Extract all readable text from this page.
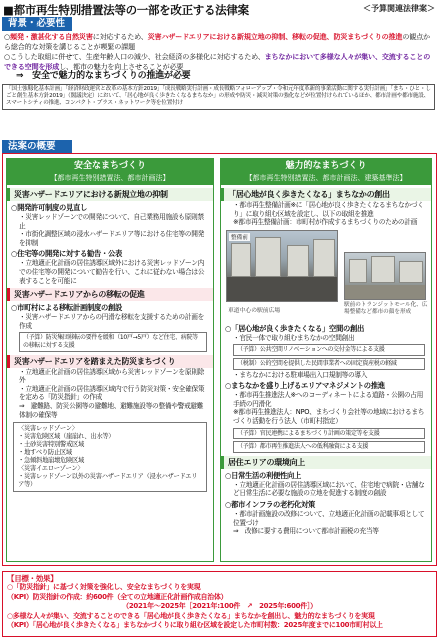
■都市再生特別措置法等の一部を改正する法律案	＜予算関連法律案＞
背景・必要性

○頻発・激甚化する自然災害に対応するため、災害ハザードエリアにおける新規立地の抑制、移転の促進、防災まちづくりの推進の観点から総合的な対策を講じることが喫緊の課題

○こうした取組に併せて、生産年齢人口の減少、社会経済の多様化に対応するため、まちなかにおいて多様な人々が集い、交流することのできる空間を形成し、都市の魅力を向上させることが必要

⇒　安全で魅力的なまちづくりの推進が必要
「国土強靱化基本計画」「経済財政運営と改革の基本方針2019」「成長戦略実行計画・成長戦略フォローアップ・令和元年度革新的事業活動に関する実行計画」「まち・ひと・しごと創生基本方針2019」（閣議決定）において、「居心地が良く歩きたくなるまちなか」の形成や防災・減災対策の強化などが位置付けられているほか、都市計画や都市施設、スマートシティの推進、コンパクト・プラス・ネットワーク等を位置付け
法案の概要
安全なまちづくり
【都市再生特別措置法、都市計画法】
災害ハザードエリアにおける新規立地の抑制
○開発許可制度の見直し
・災害レッドゾーンでの開発について、自己業務用施設も原則禁止
・市街化調整区域の浸水ハザードエリア等における住宅等の開発を抑制
○住宅等の開発に対する勧告・公表
・立地適正化計画の居住誘導区域外における災害レッドゾーン内での住宅等の開発について勧告を行い、これに従わない場合は公表することを可能に
災害ハザードエリアからの移転の促進
○市町村による移転計画制度の創設
・災害ハザードエリアからの円滑な移転を支援するための計画を作成
（予算）防災集団移転の要件を緩和（10戸→5戸）など住宅、病院等の移転に対する支援
災害ハザードエリアを踏まえた防災まちづくり
・立地適正化計画の居住誘導区域から災害レッドゾーンを原則除外
・立地適正化計画の居住誘導区域内で行う防災対策・安全確保策を定める「防災指針」の作成
⇒　避難路、防災公園等の避難地、避難施設等の整備や警戒避難体制の確保等
〈災害レッドゾーン〉
・災害危険区域（崖崩れ、出水等）
・土砂災害特別警戒区域
・地すべり防止区域
・急傾斜地崩壊危険区域
〈災害イエローゾーン〉
・災害レッドゾーン以外の災害ハザードエリア（浸水ハザードエリア等）
魅力的なまちづくり
【都市再生特別措置法、都市計画法、建築基準法】
「居心地が良く歩きたくなる」まちなかの創出
・都市再生整備計画※に「居心地が良く歩きたくなるまちなかづくり」に取り組む区域を設定し、以下の取組を推進
※都市再生整備計画：市町村が作成するまちづくりのための計画
整備前
車道中心の駅前広場
駅前のトランジットモール化、広場整備など都市の顔を形成
○「居心地が良く歩きたくなる」空間の創出
・官民一体で取り組むまちなかの空間創出
（予算）公共空間リノベーションへの交付金等による支援
（税制）公的空間を提供した民間事業者への固定資産税の軽減
・まちなかにおける駐車場出入口規制等の導入
○まちなかを盛り上げるエリアマネジメントの推進
・都市再生推進法人※へのコーディネートによる道路・公園の占用手続の円滑化
※都市再生推進法人：NPO、まちづくり会社等の地域におけるまちづくり活動を行う法人（市町村指定）
（予算）官民連携によるまちづくり計画の策定等を支援
（予算）都市再生推進法人への低利融資による支援
居住エリアの環境向上
○日常生活の利便性向上
・立地適正化計画の居住誘導区域において、住宅地で病院・店舗など日常生活に必要な施設の立地を促進する制度の創設
○都市インフラの老朽化対策
・都市計画施設の改修について、立地適正化計画の記載事項として位置づけ
⇒　改修に要する費用について都市計画税の充当等
【目標・効果】
○「防災指針」に基づく対策を強化し、安全なまちづくりを実現
（KPI）防災指針の作成：約600件（全ての立地適正化計画作成自治体）
（2021年〜2025年［2021年:100件　↗　2025年:600件］）
○多様な人々が集い、交流することのできる「居心地が良く歩きたくなる」まちなかを創出し、魅力的なまちづくりを実現
（KPI）「居心地が良く歩きたくなる」まちなかづくりに取り組む区域を設定した市町村数：2025年度までに100市町村以上
